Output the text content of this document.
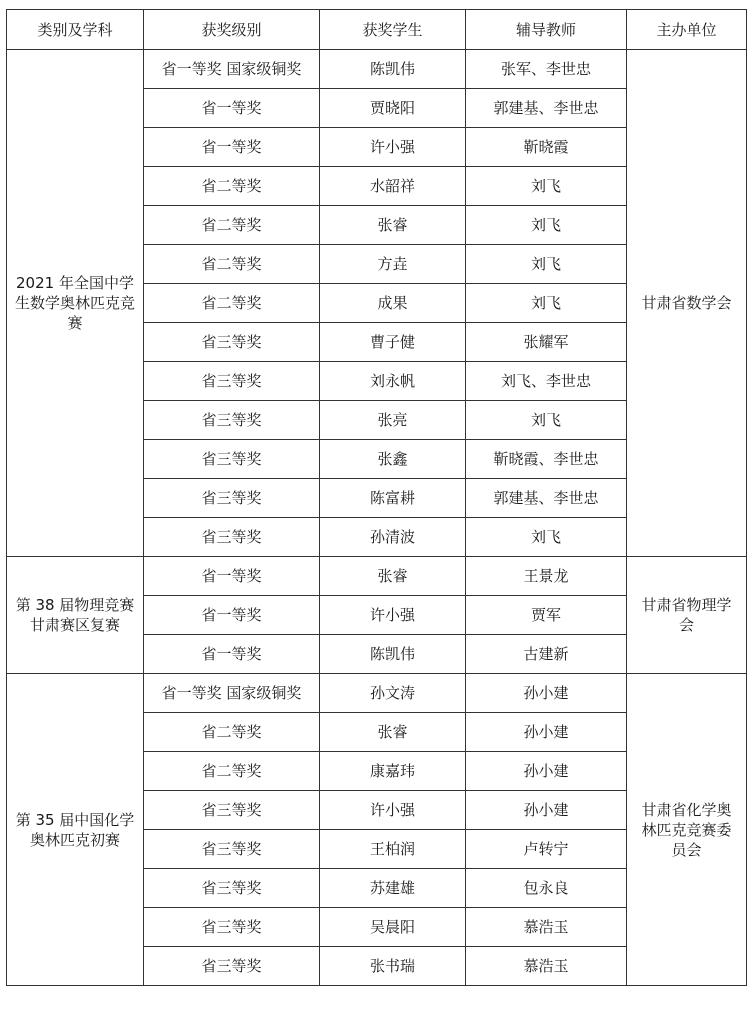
类别及学科	获奖级别	获奖学生	辅导教师	主办单位
2021 年全国中学生数学奥林匹克竞赛	省一等奖 国家级铜奖	陈凯伟	张军、李世忠	甘肃省数学会
	省一等奖	贾晓阳	郭建基、李世忠	
	省一等奖	许小强	靳晓霞	
	省二等奖	水韶祥	刘飞	
	省二等奖	张睿	刘飞	
	省二等奖	方垚	刘飞	
	省二等奖	成果	刘飞	
	省三等奖	曹子健	张耀军	
	省三等奖	刘永帆	刘飞、李世忠	
	省三等奖	张亮	刘飞	
	省三等奖	张鑫	靳晓霞、李世忠	
	省三等奖	陈富耕	郭建基、李世忠	
	省三等奖	孙清波	刘飞	
第 38 届物理竞赛甘肃赛区复赛	省一等奖	张睿	王景龙	甘肃省物理学会
	省一等奖	许小强	贾军	
	省一等奖	陈凯伟	古建新	
第 35 届中国化学奥林匹克初赛	省一等奖 国家级铜奖	孙文涛	孙小建	甘肃省化学奥林匹克竞赛委员会
	省二等奖	张睿	孙小建	
	省二等奖	康嘉玮	孙小建	
	省三等奖	许小强	孙小建	
	省三等奖	王柏润	卢转宁	
	省三等奖	苏建雄	包永良	
	省三等奖	吴晨阳	慕浩玉	
	省三等奖	张书瑞	慕浩玉	
